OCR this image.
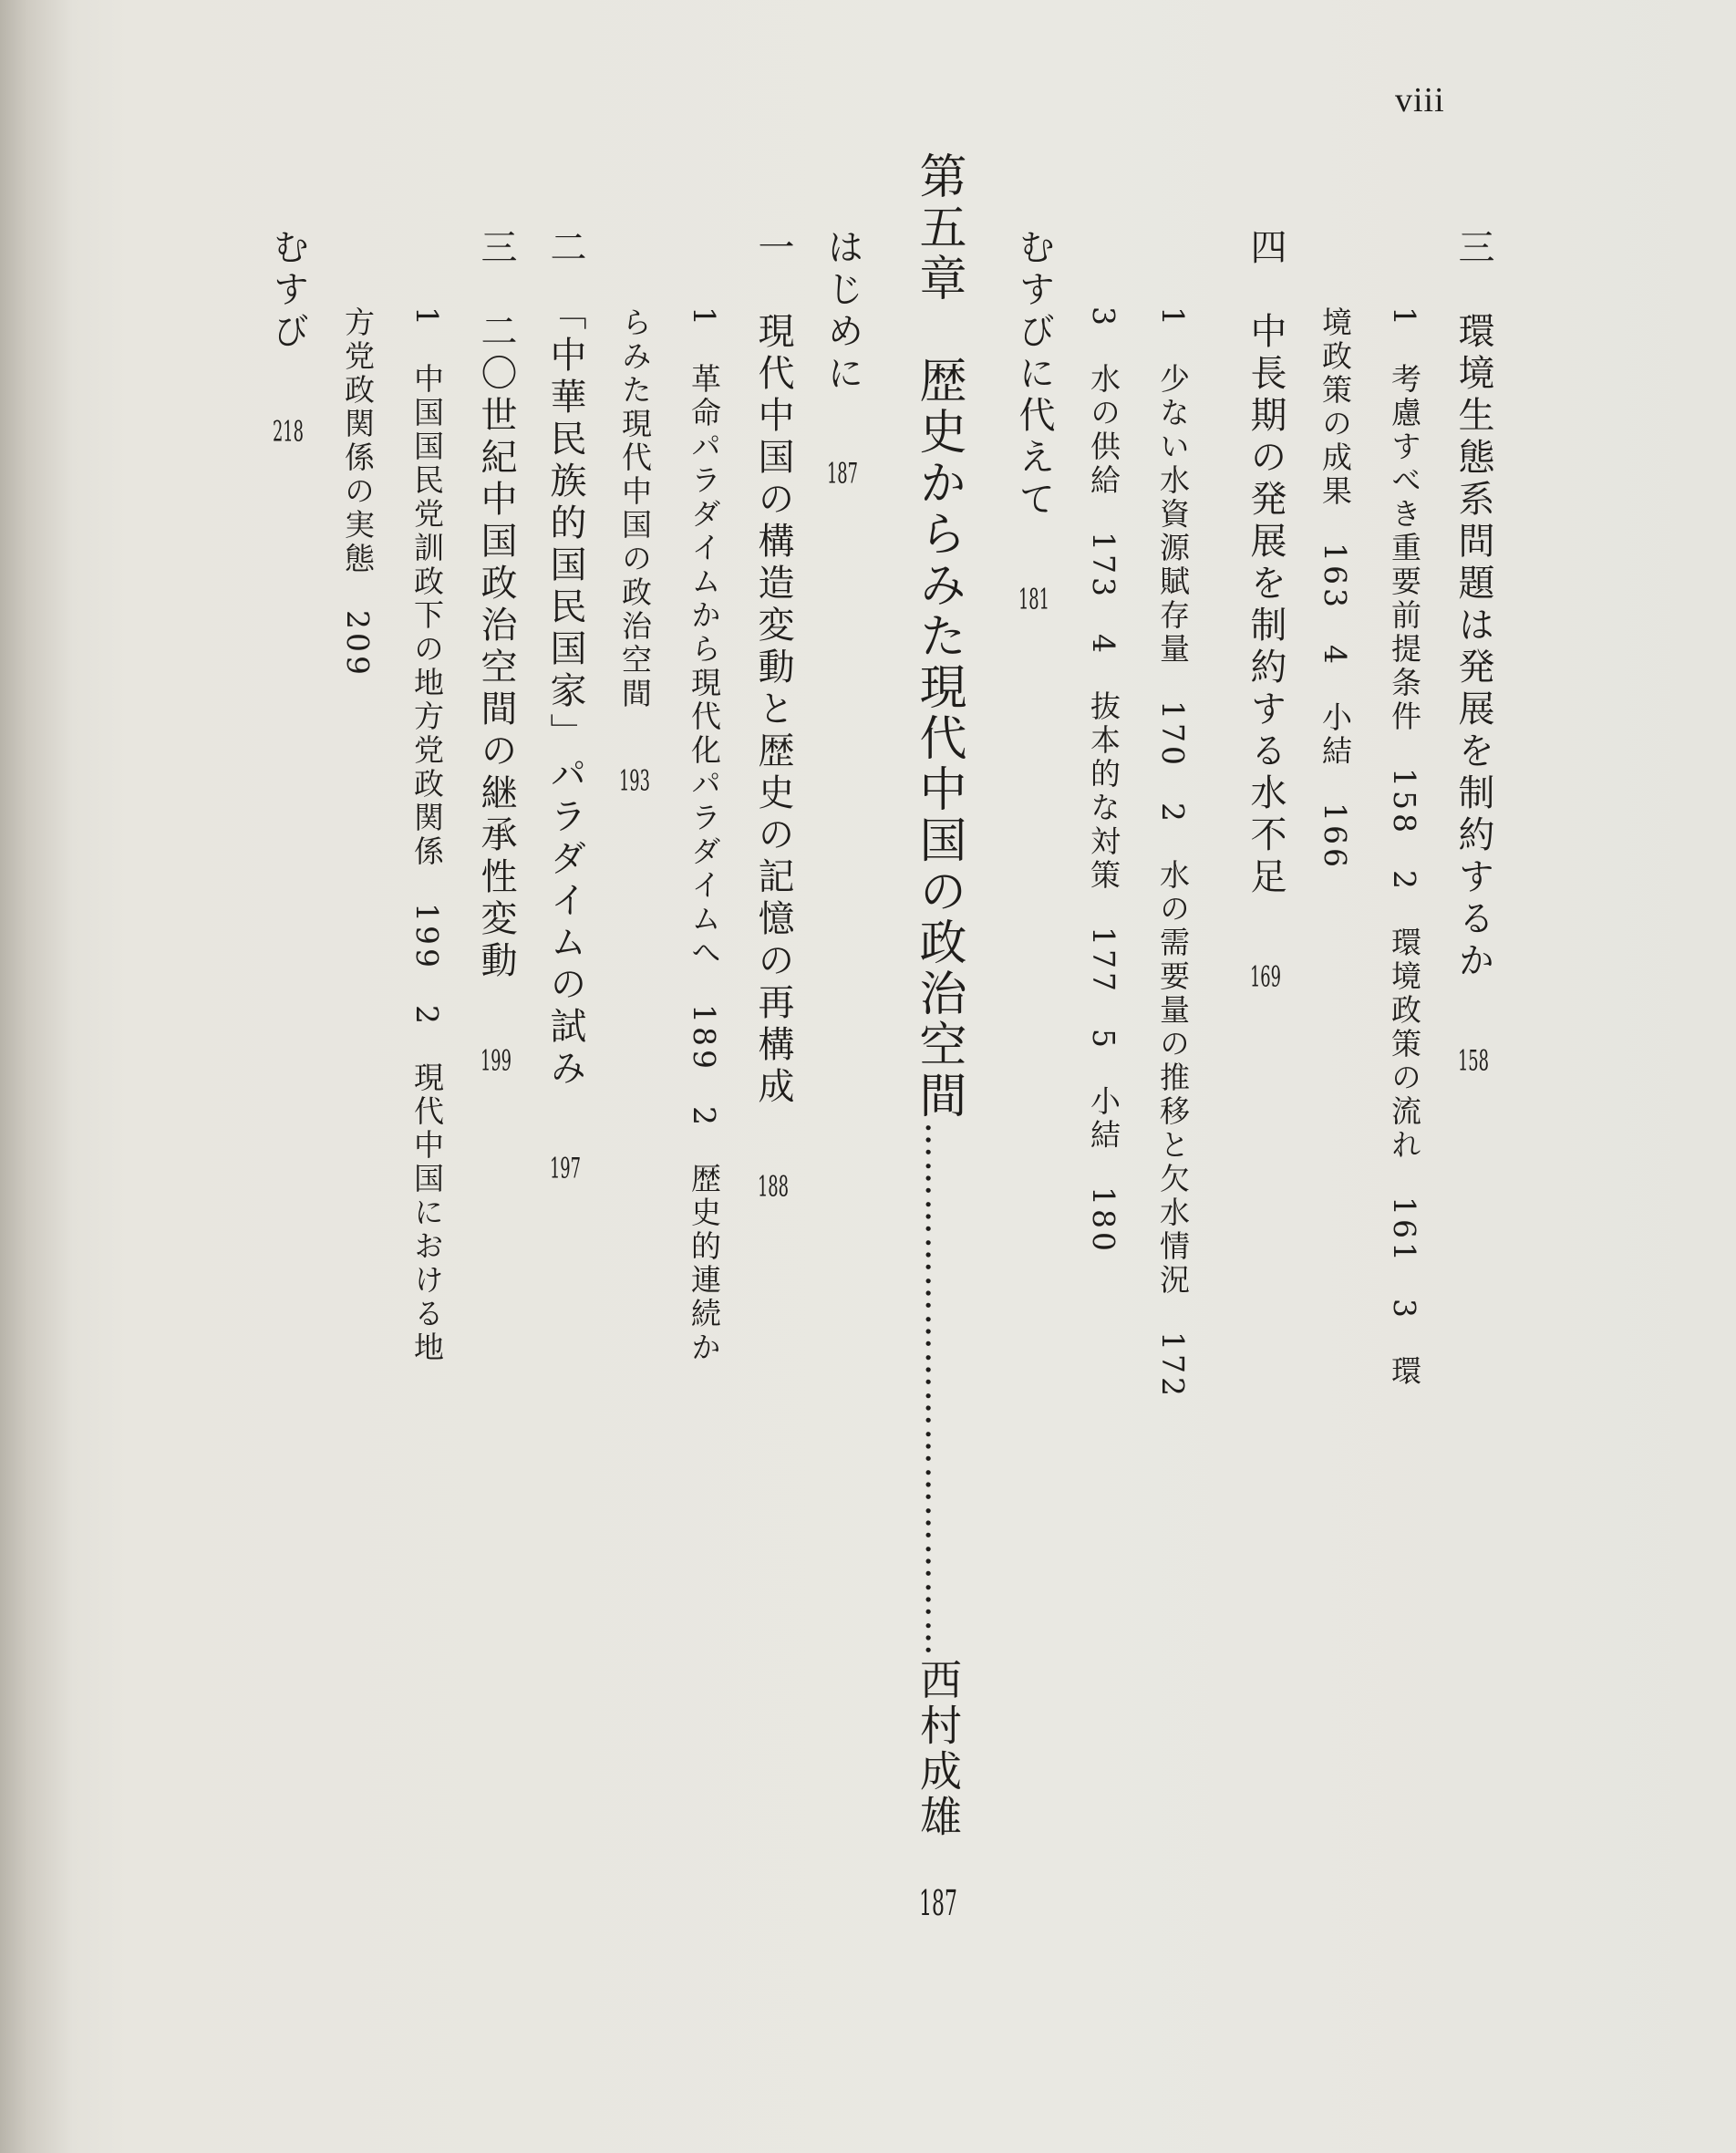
viii
三　環境生態系問題は発展を制約するか　158
1　考慮すべき重要前提条件　158　2　環境政策の流れ　161　3　環
境政策の成果　163　4　小結　166
四　中長期の発展を制約する水不足　169
1　少ない水資源賦存量　170　2　水の需要量の推移と欠水情況　172
3　水の供給　173　4　抜本的な対策　177　5　小結　180
むすびに代えて　181
第五章　歴史からみた現代中国の政治空間……………………………………西村成雄187
はじめに　187
一　現代中国の構造変動と歴史の記憶の再構成　188
1　革命パラダイムから現代化パラダイムへ　189　2　歴史的連続か
らみた現代中国の政治空間　193
二　「中華民族的国民国家」パラダイムの試み　197
三　二〇世紀中国政治空間の継承性変動　199
1　中国国民党訓政下の地方党政関係　199　2　現代中国における地
方党政関係の実態　209
むすび　218
